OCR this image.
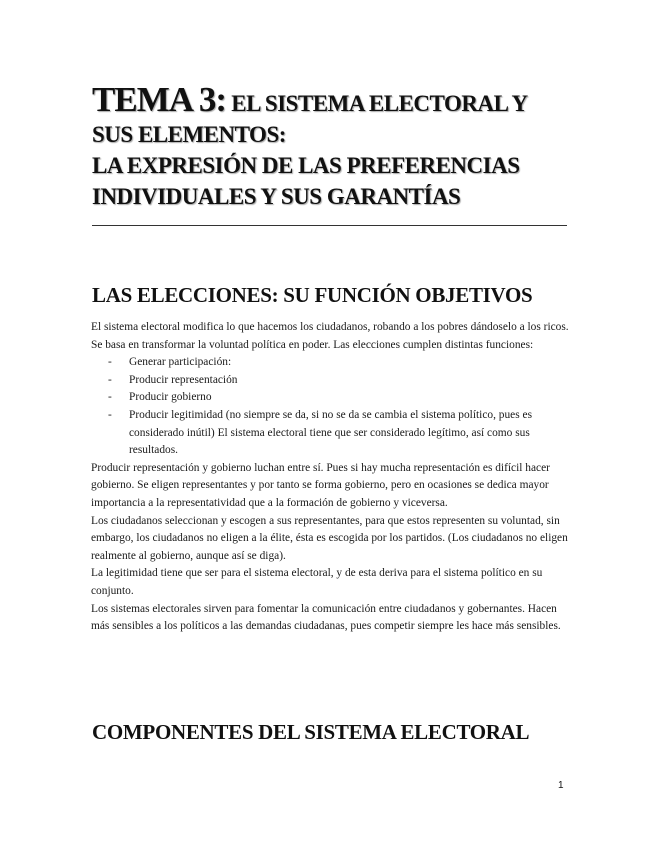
TEMA 3: EL SISTEMA ELECTORAL Y
SUS ELEMENTOS:
LA EXPRESIÓN DE LAS PREFERENCIAS
INDIVIDUALES Y SUS GARANTÍAS
LAS ELECCIONES: SU FUNCIÓN OBJETIVOS

El sistema electoral modifica lo que hacemos los ciudadanos, robando a los pobres dándoselo a los ricos. Se basa en transformar la voluntad política en poder. Las elecciones cumplen distintas funciones:

- Generar participación:
- Producir representación
- Producir gobierno
- Producir legitimidad (no siempre se da, si no se da se cambia el sistema político, pues es considerado inútil) El sistema electoral tiene que ser considerado legítimo, así como sus resultados.

Producir representación y gobierno luchan entre sí. Pues si hay mucha representación es difícil hacer gobierno. Se eligen representantes y por tanto se forma gobierno, pero en ocasiones se dedica mayor importancia a la representatividad que a la formación de gobierno y viceversa.

Los ciudadanos seleccionan y escogen a sus representantes, para que estos representen su voluntad, sin embargo, los ciudadanos no eligen a la élite, ésta es escogida por los partidos. (Los ciudadanos no eligen realmente al gobierno, aunque así se diga).

La legitimidad tiene que ser para el sistema electoral, y de esta deriva para el sistema político en su conjunto.

Los sistemas electorales sirven para fomentar la comunicación entre ciudadanos y gobernantes. Hacen más sensibles a los políticos a las demandas ciudadanas, pues competir siempre les hace más sensibles.

COMPONENTES DEL SISTEMA ELECTORAL
1
